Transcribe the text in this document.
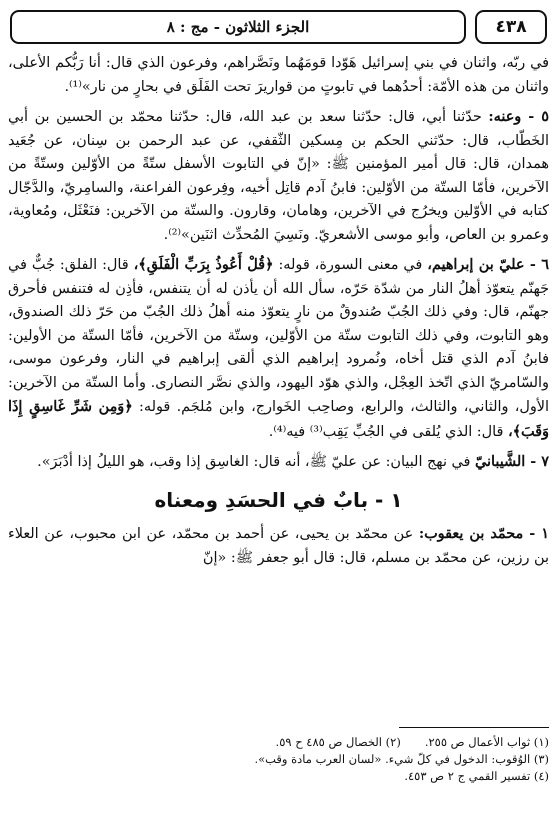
٤٣٨
الجزء الثلاثون - مج : ٨

في ربّه، واثنان في بني إسرائيل هَوّدا قومَهُما ونَصَّراهم، وفرعون الذي قال: أنا رَبُّكم الأعلى، واثنان من هذه الأمّة: أحدُهما في تابوتٍ من قواريرَ تحت الفَلَق في بحارٍ من نار»⁽¹⁾.

٥ - وعنه: حدّثنا أبي، قال: حدّثنا سعد بن عبد الله، قال: حدّثنا محمّد بن الحسين بن أبي الخَطّاب، قال: حدّثني الحكم بن مِسكين الثّقفي، عن عبد الرحمن بن سِنان، عن جُعَيد همدان، قال: قال أمير المؤمنين ﷺ: «إنّ في التابوت الأسفل ستّةً من الأوّلين وستّةً من الآخرين، فأمّا الستّة من الأوّلين: فابنُ آدم قاتِل أخيه، وفِرعون الفراعنة، والسامِريّ، والدَّجّال كتابه في الأوّلين ويخرُج في الآخرين، وهامان، وقارون. والستّة من الآخرين: فنَعْثَل، ومُعاوية، وعمرو بن العاص، وأبو موسى الأشعريّ. ونَسِيَ المُحدِّث اثنَين»⁽²⁾.

٦ - عليّ بن إبراهيم، في معنى السورة، قوله: ﴿قُلْ أَعُوذُ بِرَبِّ الْفَلَقِ﴾، قال: الفلق: جُبٌّ في جَهنّم يتعوّذ أهلُ النار من شدّة حَرّه، سأل الله أن يأذن له أن يتنفس، فأذِن له فتنفس فأحرق جهنّم، قال: وفي ذلك الجُبّ صُندوقٌ من نارٍ يتعوّذ منه أهلُ ذلك الجُبّ من حَرّ ذلك الصندوق، وهو التابوت، وفي ذلك التابوت ستّة من الأوّلين، وستّة من الآخرين، فأمّا الستّة من الأولين: فابنُ آدم الذي قتل أخاه، ونُمرود إبراهيم الذي ألقى إبراهيم في النار، وفرعون موسى، والسّامريّ الذي اتّخذ العِجْل، والذي هوّد اليهود، والذي نصَّر النصارى. وأما الستّة من الآخرين: الأول، والثاني، والثالث، والرابع، وصاحِب الخَوارج، وابن مُلجَم. قوله: ﴿وَمِن شَرِّ غَاسِقٍ إِذَا وَقَبَ﴾، قال: الذي يُلقى في الجُبِّ يَقِب⁽³⁾ فيه⁽⁴⁾.

٧ - الشَّيبانيّ في نهج البيان: عن عليّ ﷺ، أنه قال: الغاسِق إذا وقب، هو الليلُ إذا أدْبَرَ».

١ - بابٌ في الحسَدِ ومعناه

١ - محمّد بن يعقوب: عن محمّد بن يحيى، عن أحمد بن محمّد، عن ابن محبوب، عن العلاء بن رزين، عن محمّد بن مسلم، قال: قال أبو جعفر ﷺ: «إنّ

(١) ثواب الأعمال ص ٢٥٥.
(٢) الخصال ص ٤٨٥ ح ٥٩.
(٣) الوُقوب: الدخول في كلّ شيء. «لسان العرب مادة وقب».
(٤) تفسير القمي ج ٢ ص ٤٥٣.
